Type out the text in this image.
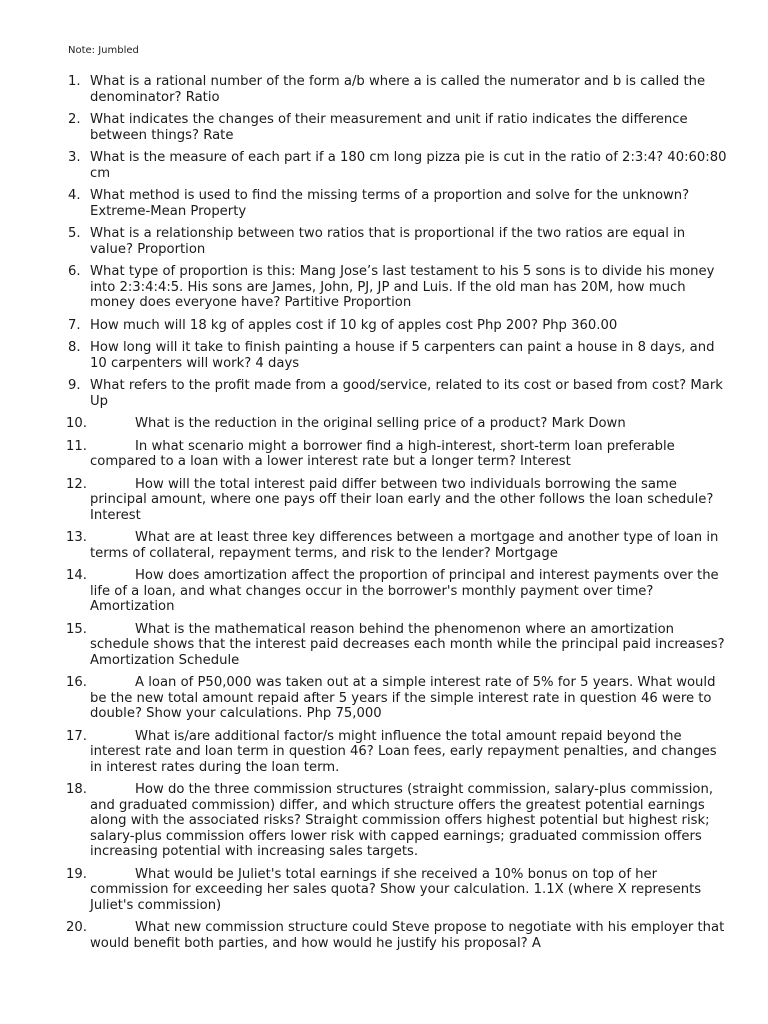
Note: Jumbled
1. What is a rational number of the form a/b where a is called the numerator and b is called the denominator? Ratio
2. What indicates the changes of their measurement and unit if ratio indicates the difference between things? Rate
3. What is the measure of each part if a 180 cm long pizza pie is cut in the ratio of 2:3:4? 40:60:80 cm
4. What method is used to find the missing terms of a proportion and solve for the unknown? Extreme-Mean Property
5. What is a relationship between two ratios that is proportional if the two ratios are equal in value? Proportion
6. What type of proportion is this: Mang Jose’s last testament to his 5 sons is to divide his money into 2:3:4:4:5. His sons are James, John, PJ, JP and Luis. If the old man has 20M, how much money does everyone have? Partitive Proportion
7. How much will 18 kg of apples cost if 10 kg of apples cost Php 200? Php 360.00
8. How long will it take to finish painting a house if 5 carpenters can paint a house in 8 days, and 10 carpenters will work? 4 days
9. What refers to the profit made from a good/service, related to its cost or based from cost? Mark Up
10.	What is the reduction in the original selling price of a product? Mark Down
11.	In what scenario might a borrower find a high-interest, short-term loan preferable compared to a loan with a lower interest rate but a longer term? Interest
12.	How will the total interest paid differ between two individuals borrowing the same principal amount, where one pays off their loan early and the other follows the loan schedule? Interest
13.	What are at least three key differences between a mortgage and another type of loan in terms of collateral, repayment terms, and risk to the lender? Mortgage
14.	How does amortization affect the proportion of principal and interest payments over the life of a loan, and what changes occur in the borrower's monthly payment over time? Amortization
15.	What is the mathematical reason behind the phenomenon where an amortization schedule shows that the interest paid decreases each month while the principal paid increases? Amortization Schedule
16.	A loan of P50,000 was taken out at a simple interest rate of 5% for 5 years. What would be the new total amount repaid after 5 years if the simple interest rate in question 46 were to double? Show your calculations. Php 75,000
17.	What is/are additional factor/s might influence the total amount repaid beyond the interest rate and loan term in question 46? Loan fees, early repayment penalties, and changes in interest rates during the loan term.
18.	How do the three commission structures (straight commission, salary-plus commission, and graduated commission) differ, and which structure offers the greatest potential earnings along with the associated risks? Straight commission offers highest potential but highest risk; salary-plus commission offers lower risk with capped earnings; graduated commission offers increasing potential with increasing sales targets.
19.	What would be Juliet's total earnings if she received a 10% bonus on top of her commission for exceeding her sales quota? Show your calculation. 1.1X (where X represents Juliet's commission)
20.	What new commission structure could Steve propose to negotiate with his employer that would benefit both parties, and how would he justify his proposal? A
